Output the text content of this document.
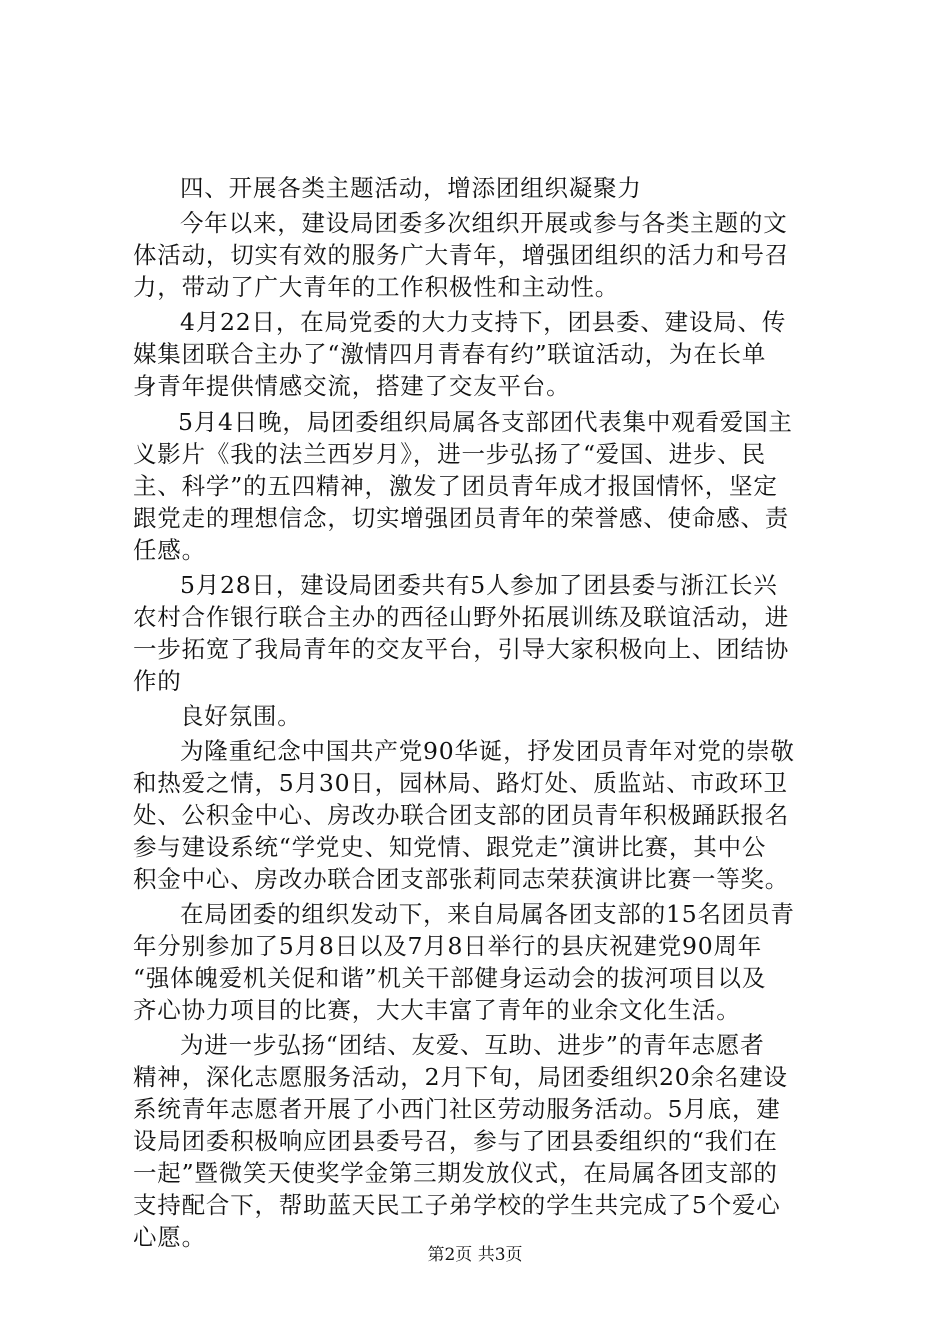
四、开展各类主题活动，增添团组织凝聚力
今年以来，建设局团委多次组织开展或参与各类主题的文
体活动，切实有效的服务广大青年，增强团组织的活力和号召
力，带动了广大青年的工作积极性和主动性。
4月22日，在局党委的大力支持下，团县委、建设局、传
媒集团联合主办了“激情四月青春有约”联谊活动，为在长单
身青年提供情感交流，搭建了交友平台。
5月4日晚，局团委组织局属各支部团代表集中观看爱国主
义影片《我的法兰西岁月》，进一步弘扬了“爱国、进步、民
主、科学”的五四精神，激发了团员青年成才报国情怀，坚定
跟党走的理想信念，切实增强团员青年的荣誉感、使命感、责
任感。
5月28日，建设局团委共有5人参加了团县委与浙江长兴
农村合作银行联合主办的西径山野外拓展训练及联谊活动，进
一步拓宽了我局青年的交友平台，引导大家积极向上、团结协
作的
良好氛围。
为隆重纪念中国共产党90华诞，抒发团员青年对党的崇敬
和热爱之情，5月30日，园林局、路灯处、质监站、市政环卫
处、公积金中心、房改办联合团支部的团员青年积极踊跃报名
参与建设系统“学党史、知党情、跟党走”演讲比赛，其中公
积金中心、房改办联合团支部张莉同志荣获演讲比赛一等奖。
在局团委的组织发动下，来自局属各团支部的15名团员青
年分别参加了5月8日以及7月8日举行的县庆祝建党90周年
“强体魄爱机关促和谐”机关干部健身运动会的拔河项目以及
齐心协力项目的比赛，大大丰富了青年的业余文化生活。
为进一步弘扬“团结、友爱、互助、进步”的青年志愿者
精神，深化志愿服务活动，2月下旬，局团委组织20余名建设
系统青年志愿者开展了小西门社区劳动服务活动。5月底，建
设局团委积极响应团县委号召，参与了团县委组织的“我们在
一起”暨微笑天使奖学金第三期发放仪式，在局属各团支部的
支持配合下，帮助蓝天民工子弟学校的学生共完成了5个爱心
心愿。
第2页 共3页
